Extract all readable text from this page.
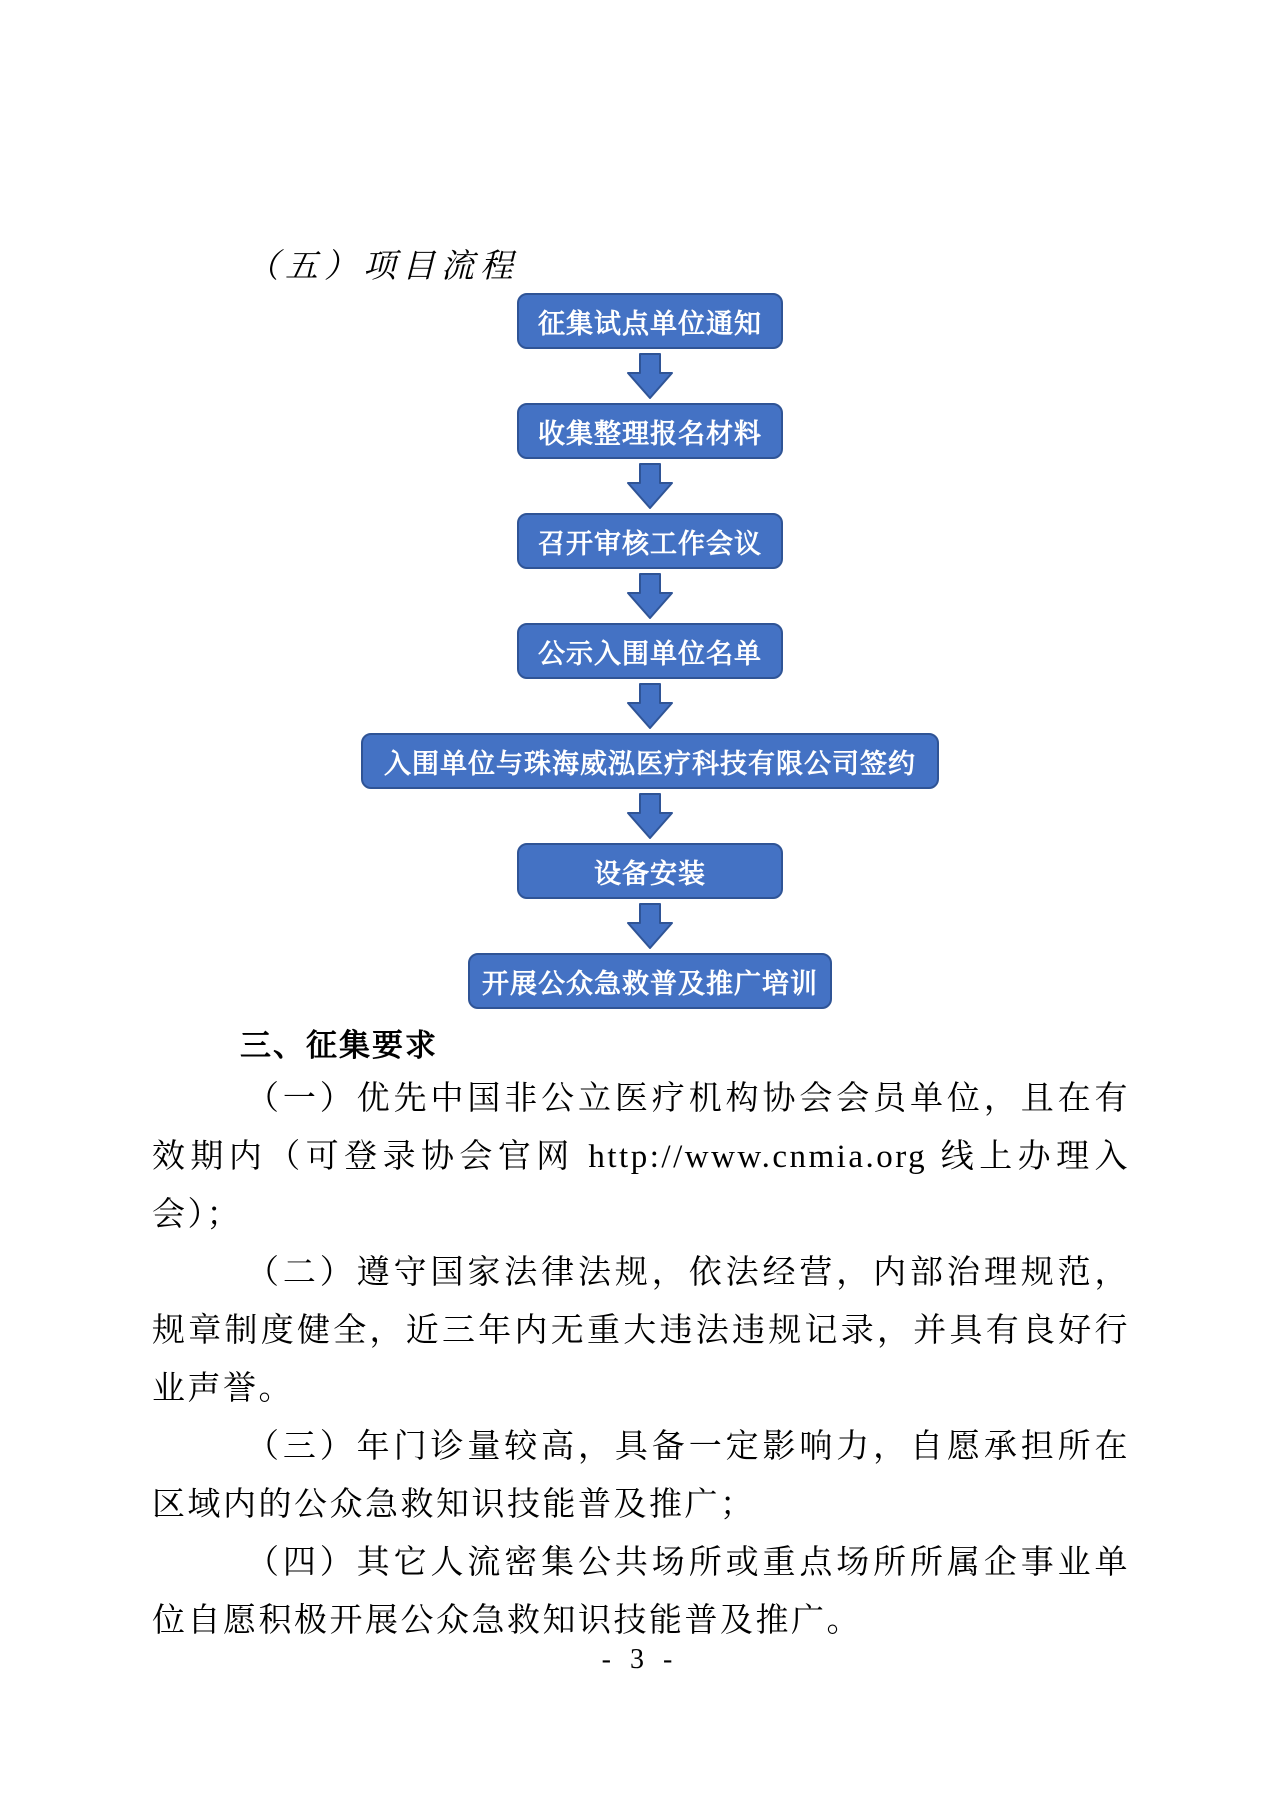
（五）项目流程
征集试点单位通知
收集整理报名材料
召开审核工作会议
公示入围单位名单
入围单位与珠海威泓医疗科技有限公司签约
设备安装
开展公众急救普及推广培训
三、征集要求

（一）优先中国非公立医疗机构协会会员单位，且在有效期内（可登录协会官网 http://www.cnmia.org 线上办理入会）；

（二）遵守国家法律法规，依法经营，内部治理规范，规章制度健全，近三年内无重大违法违规记录，并具有良好行业声誉。

（三）年门诊量较高，具备一定影响力，自愿承担所在区域内的公众急救知识技能普及推广；

（四）其它人流密集公共场所或重点场所所属企事业单位自愿积极开展公众急救知识技能普及推广。

- 3 -
